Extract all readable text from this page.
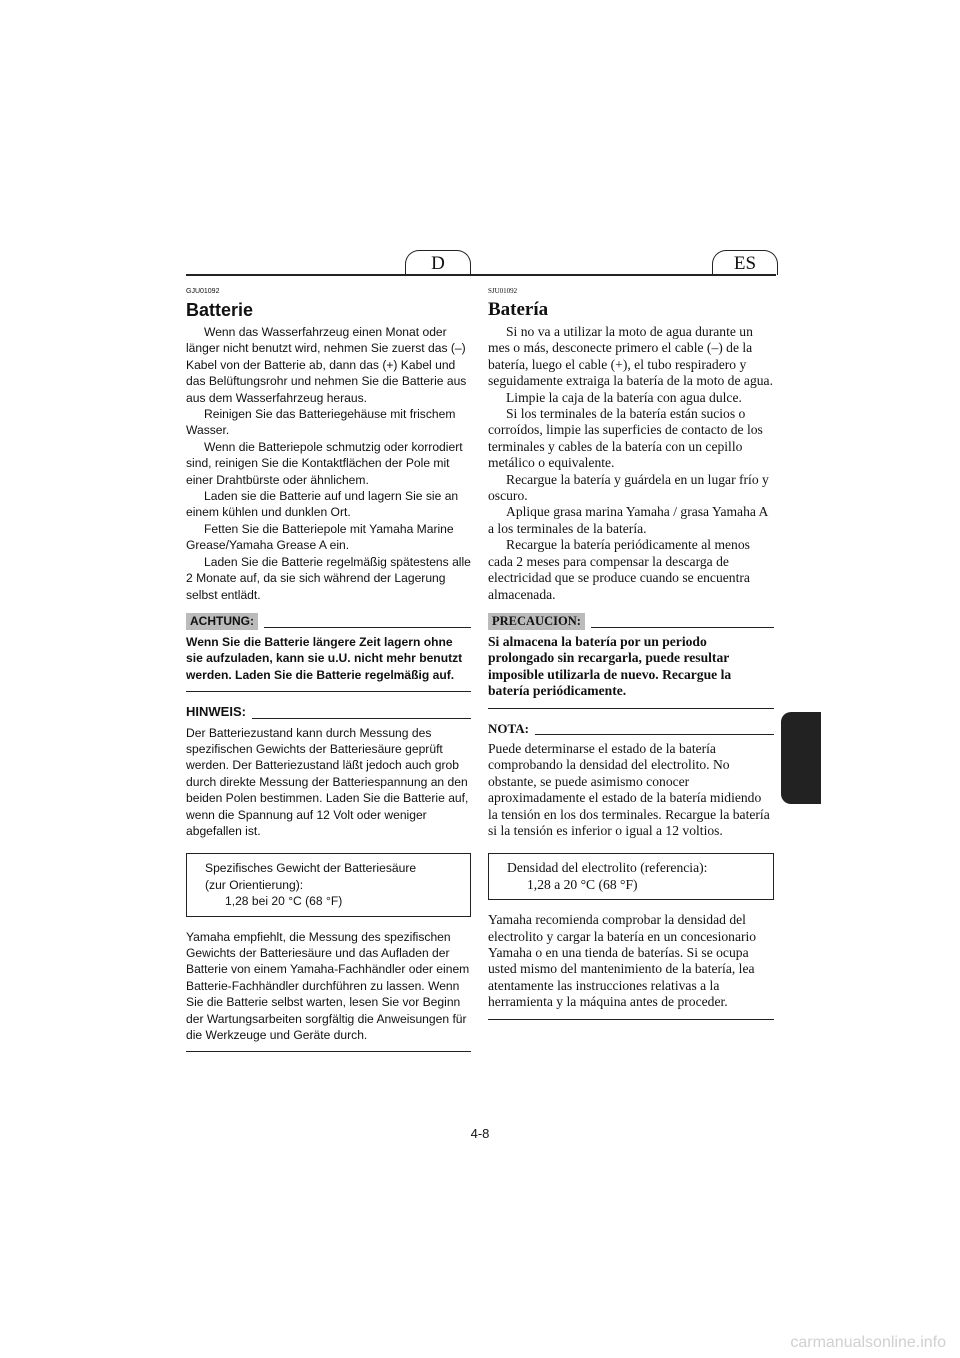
D	ES
GJU01092
Batterie

Wenn das Wasserfahrzeug einen Monat oder länger nicht benutzt wird, nehmen Sie zuerst das (–) Kabel von der Batterie ab, dann das (+) Kabel und das Belüftungsrohr und nehmen Sie die Batterie aus aus dem Wasserfahrzeug heraus.

Reinigen Sie das Batteriegehäuse mit frischem Wasser.

Wenn die Batteriepole schmutzig oder korrodiert sind, reinigen Sie die Kontaktflächen der Pole mit einer Drahtbürste oder ähnlichem.

Laden sie die Batterie auf und lagern Sie sie an einem kühlen und dunklen Ort.

Fetten Sie die Batteriepole mit Yamaha Marine Grease/Yamaha Grease A ein.

Laden Sie die Batterie regelmäßig spätestens alle 2 Monate auf, da sie sich während der Lagerung selbst entlädt.

ACHTUNG:

Wenn Sie die Batterie längere Zeit lagern ohne sie aufzuladen, kann sie u.U. nicht mehr benutzt werden. Laden Sie die Batterie regelmäßig auf.

HINWEIS:

Der Batteriezustand kann durch Messung des spezifischen Gewichts der Batteriesäure geprüft werden. Der Batteriezustand läßt jedoch auch grob durch direkte Messung der Batteriespannung an den beiden Polen bestimmen. Laden Sie die Batterie auf, wenn die Spannung auf 12 Volt oder weniger abgefallen ist.

Spezifisches Gewicht der Batteriesäure
(zur Orientierung):
1,28 bei 20 °C (68 °F)

Yamaha empfiehlt, die Messung des spezifischen Gewichts der Batteriesäure und das Aufladen der Batterie von einem Yamaha-Fachhändler oder einem Batterie-Fachhändler durchführen zu lassen. Wenn Sie die Batterie selbst warten, lesen Sie vor Beginn der Wartungsarbeiten sorgfältig die Anweisungen für die Werkzeuge und Geräte durch.

SJU01092
Batería

Si no va a utilizar la moto de agua durante un mes o más, desconecte primero el cable (–) de la batería, luego el cable (+), el tubo respiradero y seguidamente extraiga la batería de la moto de agua.

Limpie la caja de la batería con agua dulce.

Si los terminales de la batería están sucios o corroídos, limpie las superficies de contacto de los terminales y cables de la batería con un cepillo metálico o equivalente.

Recargue la batería y guárdela en un lugar frío y oscuro.

Aplique grasa marina Yamaha / grasa Yamaha A a los terminales de la batería.

Recargue la batería periódicamente al menos cada 2 meses para compensar la descarga de electricidad que se produce cuando se encuentra almacenada.

PRECAUCION:

Si almacena la batería por un periodo prolongado sin recargarla, puede resultar imposible utilizarla de nuevo. Recargue la batería periódicamente.

NOTA:

Puede determinarse el estado de la batería comprobando la densidad del electrolito. No obstante, se puede asimismo conocer aproximadamente el estado de la batería midiendo la tensión en los dos terminales. Recargue la batería si la tensión es inferior o igual a 12 voltios.

Densidad del electrolito (referencia):
1,28 a 20 °C (68 °F)

Yamaha recomienda comprobar la densidad del electrolito y cargar la batería en un concesionario Yamaha o en una tienda de baterías. Si se ocupa usted mismo del mantenimiento de la batería, lea atentamente las instrucciones relativas a la herramienta y la máquina antes de proceder.

4-8
carmanualsonline.info
